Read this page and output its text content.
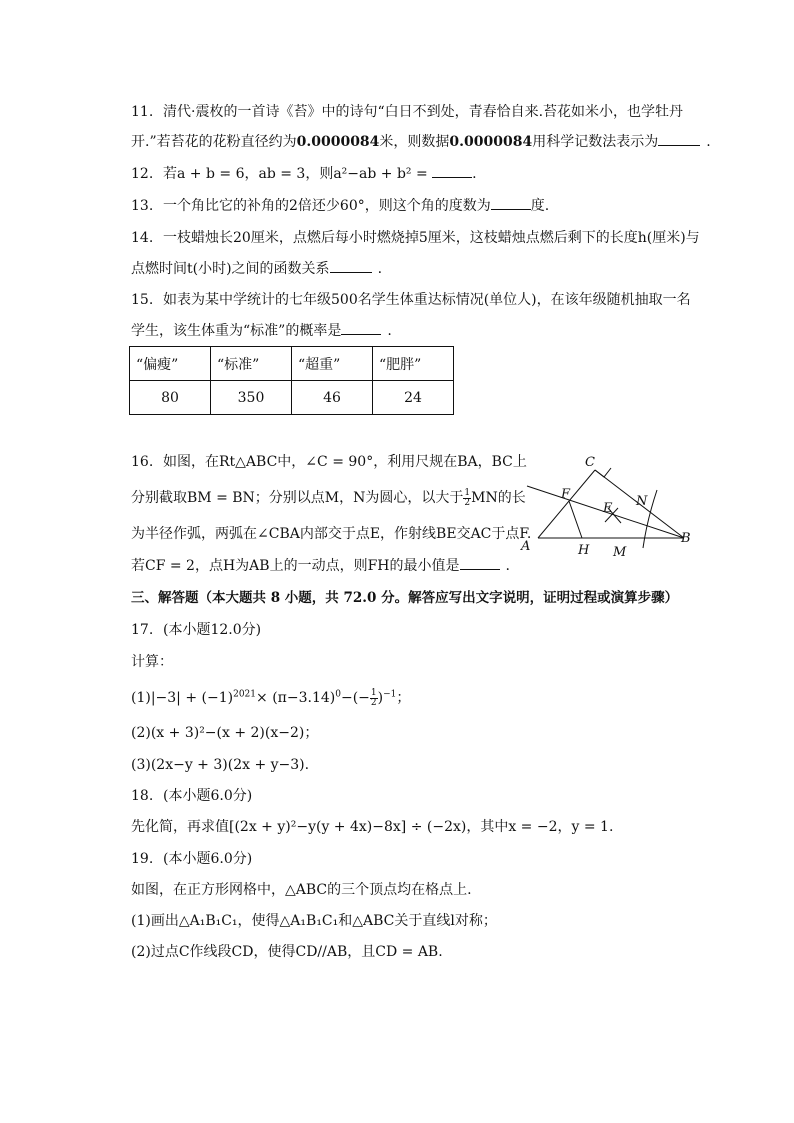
11. 清代·震枚的一首诗《苔》中的诗句“白日不到处，青春恰自来.苔花如米小，也学牡丹
开.”若苔花的花粉直径约为0.0000084米，则数据0.0000084用科学记数法表示为	.
12. 若a + b = 6，ab = 3，则a²−ab + b² =	.
13. 一个角比它的补角的2倍还少60°，则这个角的度数为	度.
14. 一枝蜡烛长20厘米，点燃后每小时燃烧掉5厘米，这枝蜡烛点燃后剩下的长度h(厘米)与
点燃时间t(小时)之间的函数关系	.
15. 如表为某中学统计的七年级500名学生体重达标情况(单位人)，在该年级随机抽取一名
学生，该生体重为“标准”的概率是	.
“偏瘦”	“标准”	“超重”	“肥胖”
80	350	46	24
16. 如图，在Rt△ABC中，∠C = 90°，利用尺规在BA，BC上
分别截取BM = BN；分别以点M，N为圆心，以大于 $\frac{1}{2}$ MN的长
为半径作弧，两弧在∠CBA内部交于点E，作射线BE交AC于点F.
若CF = 2，点H为AB上的一动点，则FH的最小值是	.
A
B
C
F
E N
H M
三、解答题（本大题共 8 小题，共 72.0 分。解答应写出文字说明，证明过程或演算步骤）
17. (本小题12.0分)
计算：
$(1)|-3| + (-1)^{2021}\times (\pi-3.14)^0-(- \frac{1}{2} )^{-1}$；
(2)(x + 3)²−(x + 2)(x−2)；
(3)(2x−y + 3)(2x + y−3).
18. (本小题6.0分)
先化简，再求值[(2x + y)²−y(y + 4x)−8x] ÷ (−2x)，其中x = −2，y = 1.
19. (本小题6.0分)
如图，在正方形网格中，△ABC的三个顶点均在格点上.
(1)画出△A₁B₁C₁，使得△A₁B₁C₁和△ABC关于直线l对称；
(2)过点C作线段CD，使得CD//AB，且CD = AB.
